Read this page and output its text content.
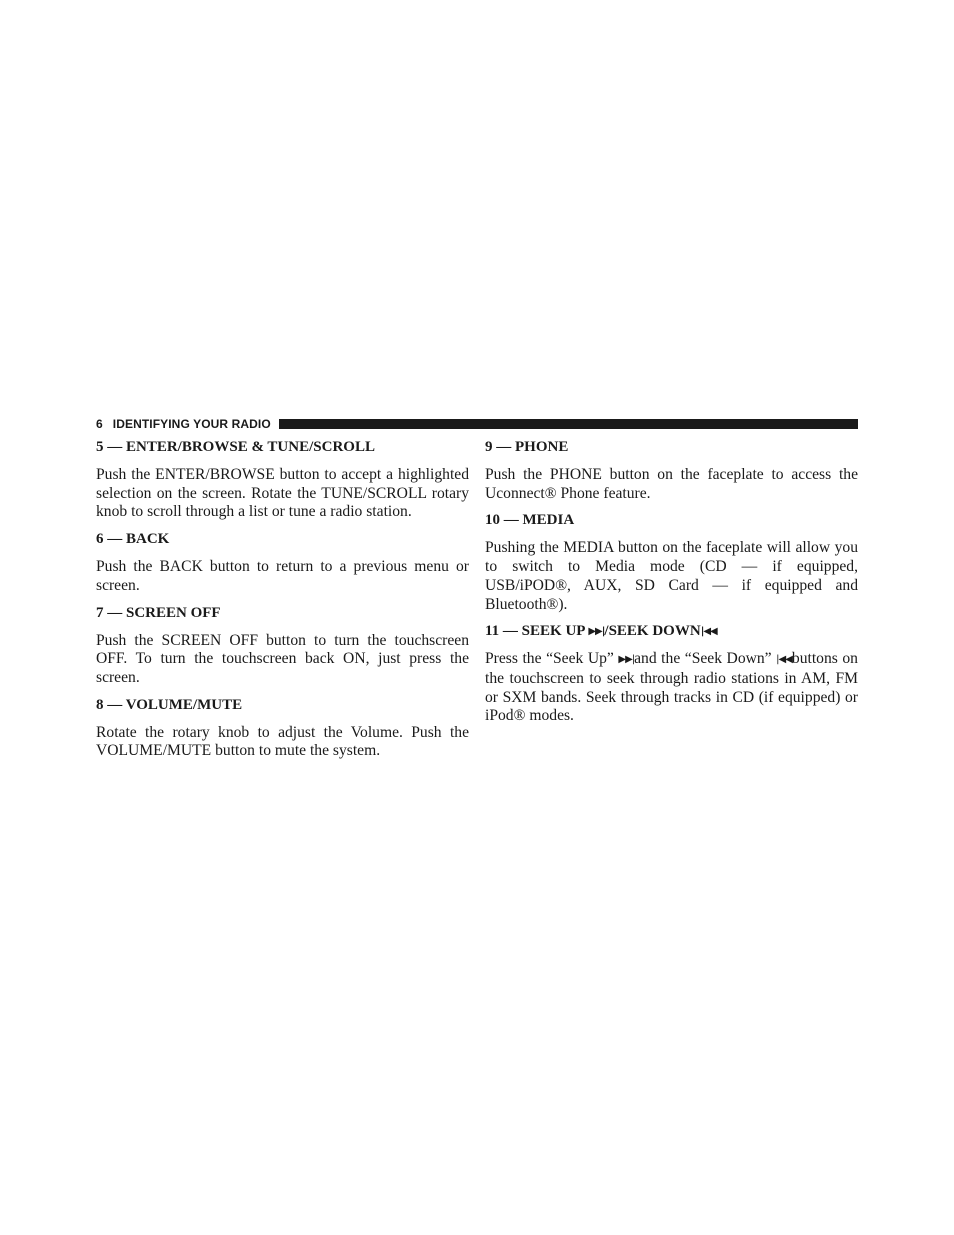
6 IDENTIFYING YOUR RADIO
5 — ENTER/BROWSE & TUNE/SCROLL

Push the ENTER/BROWSE button to accept a highlighted selection on the screen. Rotate the TUNE/SCROLL rotary knob to scroll through a list or tune a radio station.

6 — BACK

Push the BACK button to return to a previous menu or screen.

7 — SCREEN OFF

Push the SCREEN OFF button to turn the touchscreen OFF. To turn the touchscreen back ON, just press the screen.

8 — VOLUME/MUTE

Rotate the rotary knob to adjust the Volume. Push the VOLUME/MUTE button to mute the system.

9 — PHONE

Push the PHONE button on the faceplate to access the Uconnect® Phone feature.

10 — MEDIA

Pushing the MEDIA button on the faceplate will allow you to switch to Media mode (CD — if equipped, USB/iPOD®, AUX, SD Card — if equipped and Bluetooth®).

11 — SEEK UP ▶▶|/SEEK DOWN|◀◀

Press the “Seek Up” ▶▶|and the “Seek Down” |◀◀buttons on the touchscreen to seek through radio stations in AM, FM or SXM bands. Seek through tracks in CD (if equipped) or iPod® modes.
